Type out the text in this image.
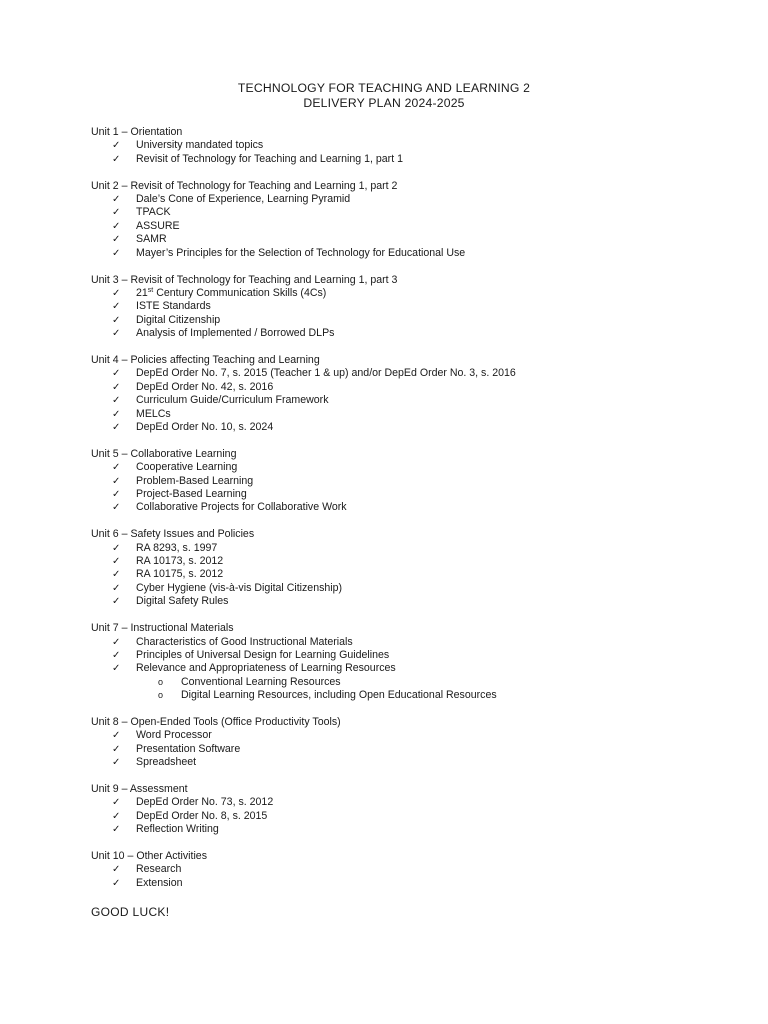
TECHNOLOGY FOR TEACHING AND LEARNING 2
DELIVERY PLAN 2024-2025
Unit 1 – Orientation
✓ University mandated topics
✓ Revisit of Technology for Teaching and Learning 1, part 1
Unit 2 – Revisit of Technology for Teaching and Learning 1, part 2
✓ Dale’s Cone of Experience, Learning Pyramid
✓ TPACK
✓ ASSURE
✓ SAMR
✓ Mayer’s Principles for the Selection of Technology for Educational Use
Unit 3 – Revisit of Technology for Teaching and Learning 1, part 3
✓ 21st Century Communication Skills (4Cs)
✓ ISTE Standards
✓ Digital Citizenship
✓ Analysis of Implemented / Borrowed DLPs
Unit 4 – Policies affecting Teaching and Learning
✓ DepEd Order No. 7, s. 2015 (Teacher 1 & up) and/or DepEd Order No. 3, s. 2016
✓ DepEd Order No. 42, s. 2016
✓ Curriculum Guide/Curriculum Framework
✓ MELCs
✓ DepEd Order No. 10, s. 2024
Unit 5 – Collaborative Learning
✓ Cooperative Learning
✓ Problem-Based Learning
✓ Project-Based Learning
✓ Collaborative Projects for Collaborative Work
Unit 6 – Safety Issues and Policies
✓ RA 8293, s. 1997
✓ RA 10173, s. 2012
✓ RA 10175, s. 2012
✓ Cyber Hygiene (vis-à-vis Digital Citizenship)
✓ Digital Safety Rules
Unit 7 – Instructional Materials
✓ Characteristics of Good Instructional Materials
✓ Principles of Universal Design for Learning Guidelines
✓ Relevance and Appropriateness of Learning Resources
o Conventional Learning Resources
o Digital Learning Resources, including Open Educational Resources
Unit 8 – Open-Ended Tools (Office Productivity Tools)
✓ Word Processor
✓ Presentation Software
✓ Spreadsheet
Unit 9 – Assessment
✓ DepEd Order No. 73, s. 2012
✓ DepEd Order No. 8, s. 2015
✓ Reflection Writing
Unit 10 – Other Activities
✓ Research
✓ Extension
GOOD LUCK!
